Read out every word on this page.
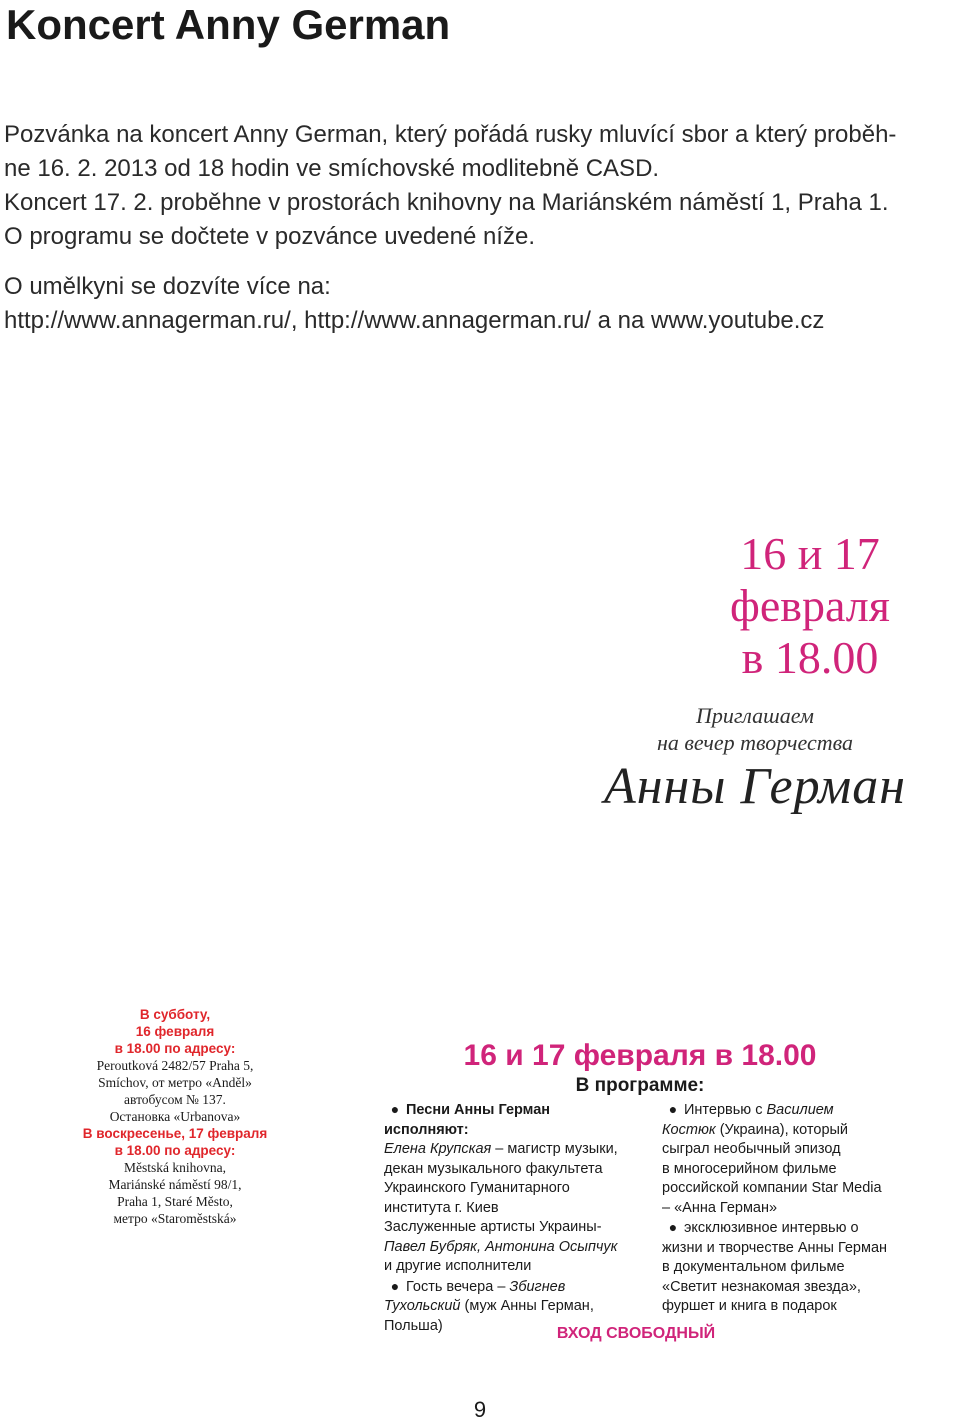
Koncert Anny German

Pozvánka na koncert Anny German, který pořádá rusky mluvící sbor a který proběh-

ne 16. 2. 2013 od 18 hodin ve smíchovské modlitebně CASD.

Koncert 17. 2. proběhne v prostorách knihovny na Mariánském náměstí 1, Praha 1.

O programu se dočtete v pozvánce uvedené níže.

O umělkyni se dozvíte více na:

http://www.annagerman.ru/, http://www.annagerman.ru/ a na www.youtube.cz

16 и 17
февраля
в 18.00
Приглашаем
на вечер творчества
Анны Герман
В субботу,
16 февраля
в 18.00 по адресу:
Peroutková 2482/57 Praha 5,
Smíchov, от метро «Anděl»
автобусом № 137.
Остановка «Urbanova»
В воскресенье, 17 февраля
в 18.00 по адресу:
Městská knihovna,
Mariánské náměstí 98/1,
Praha 1, Staré Město,
метро «Staroměstská»
16 и 17 февраля в 18.00
В программе:
● Песни Анны Герман
исполняют:
Елена Крупская – магистр музыки,
декан музыкального факультета
Украинского Гуманитарного
института г. Киев
Заслуженные артисты Украины-
Павел Бубряк, Антонина Осыпчук
и другие исполнители
● Гость вечера – Збигнев
Тухольский (муж Анны Герман,
Польша)
● Интервью с Василием
Костюк (Украина), который
сыграл необычный эпизод
в многосерийном фильме
российской компании Star Media
– «Анна Герман»
● эксклюзивное интервью о
жизни и творчестве Анны Герман
в документальном фильме
«Светит незнакомая звезда»,
фуршет и книга в подарок
ВХОД СВОБОДНЫЙ
9
